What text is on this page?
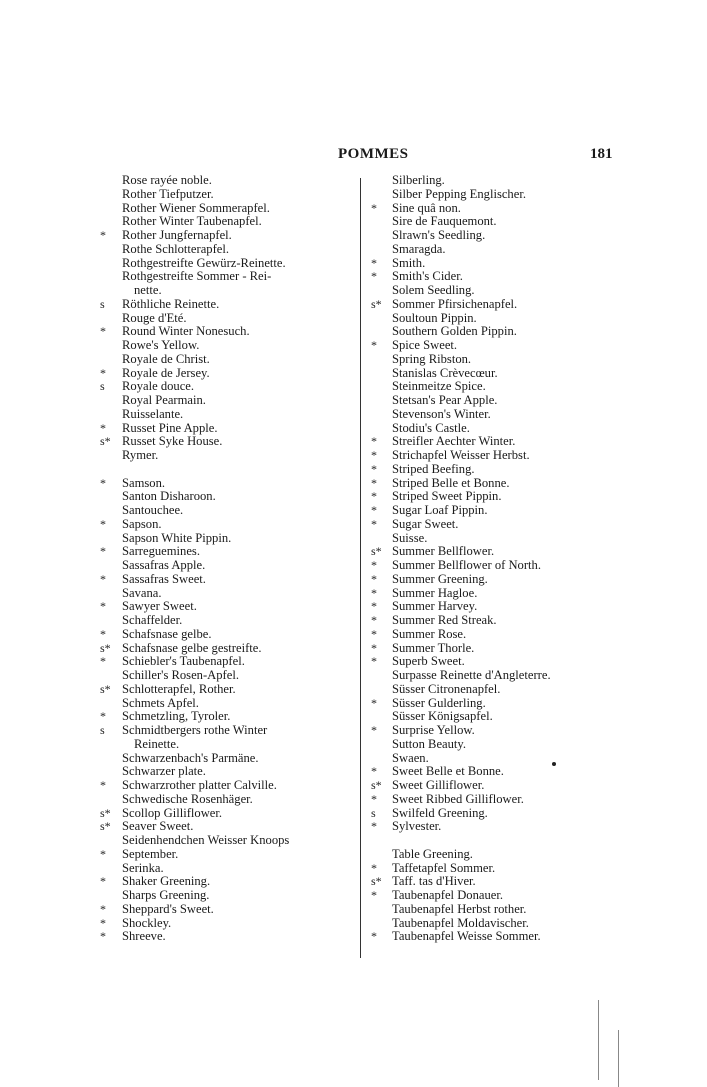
POMMES	181
Rose rayée noble.
Rother Tiefputzer.
Rother Wiener Sommerapfel.
Rother Winter Taubenapfel.
*	Rother Jungfernapfel.
Rothe Schlotterapfel.
Rothgestreifte Gewürz-Reinette.
Rothgestreifte Sommer - Rei-
nette.
s	Röthliche Reinette.
Rouge d'Eté.
*	Round Winter Nonesuch.
Rowe's Yellow.
Royale de Christ.
*	Royale de Jersey.
s	Royale douce.
Royal Pearmain.
Ruisselante.
*	Russet Pine Apple.
s* Russet Syke House.
Rymer.
*	Samson.
Santon Disharoon.
Santouchee.
*	Sapson.
Sapson White Pippin.
*	Sarreguemines.
Sassafras Apple.
*	Sassafras Sweet.
Savana.
*	Sawyer Sweet.
Schaffelder.
*	Schafsnase gelbe.
s* Schafsnase gelbe gestreifte.
*	Schiebler's Taubenapfel.
Schiller's Rosen-Apfel.
s* Schlotterapfel, Rother.
Schmets Apfel.
*	Schmetzling, Tyroler.
s	Schmidtbergers rothe Winter
Reinette.
Schwarzenbach's Parmäne.
Schwarzer plate.
*	Schwarzrother platter Calville.
Schwedische Rosenhäger.
s* Scollop Gilliflower.
s* Seaver Sweet.
Seidenhendchen Weisser Knoops
*	September.
Serinka.
*	Shaker Greening.
Sharps Greening.
*	Sheppard's Sweet.
*	Shockley.
*	Shreeve.
Silberling.
Silber Pepping Englischer.
*	Sine quâ non.
Sire de Fauquemont.
Slrawn's Seedling.
Smaragda.
*	Smith.
*	Smith's Cider.
Solem Seedling.
s* Sommer Pfirsichenapfel.
Soultoun Pippin.
Southern Golden Pippin.
*	Spice Sweet.
Spring Ribston.
Stanislas Crèvecœur.
Steinmeitze Spice.
Stetsan's Pear Apple.
Stevenson's Winter.
Stodiu's Castle.
*	Streifler Aechter Winter.
*	Strichapfel Weisser Herbst.
*	Striped Beefing.
*	Striped Belle et Bonne.
*	Striped Sweet Pippin.
*	Sugar Loaf Pippin.
*	Sugar Sweet.
Suisse.
s* Summer Bellflower.
*	Summer Bellflower of North.
*	Summer Greening.
*	Summer Hagloe.
*	Summer Harvey.
*	Summer Red Streak.
*	Summer Rose.
*	Summer Thorle.
*	Superb Sweet.
Surpasse Reinette d'Angleterre.
Süsser Citronenapfel.
*	Süsser Gulderling.
Süsser Königsapfel.
*	Surprise Yellow.
Sutton Beauty.
Swaen.
*	Sweet Belle et Bonne.
s* Sweet Gilliflower.
*	Sweet Ribbed Gilliflower.
s	Swilfeld Greening.
*	Sylvester.
Table Greening.
*	Taffetapfel Sommer.
s* Taff. tas d'Hiver.
*	Taubenapfel Donauer.
Taubenapfel Herbst rother.
Taubenapfel Moldavischer.
*	Taubenapfel Weisse Sommer.
